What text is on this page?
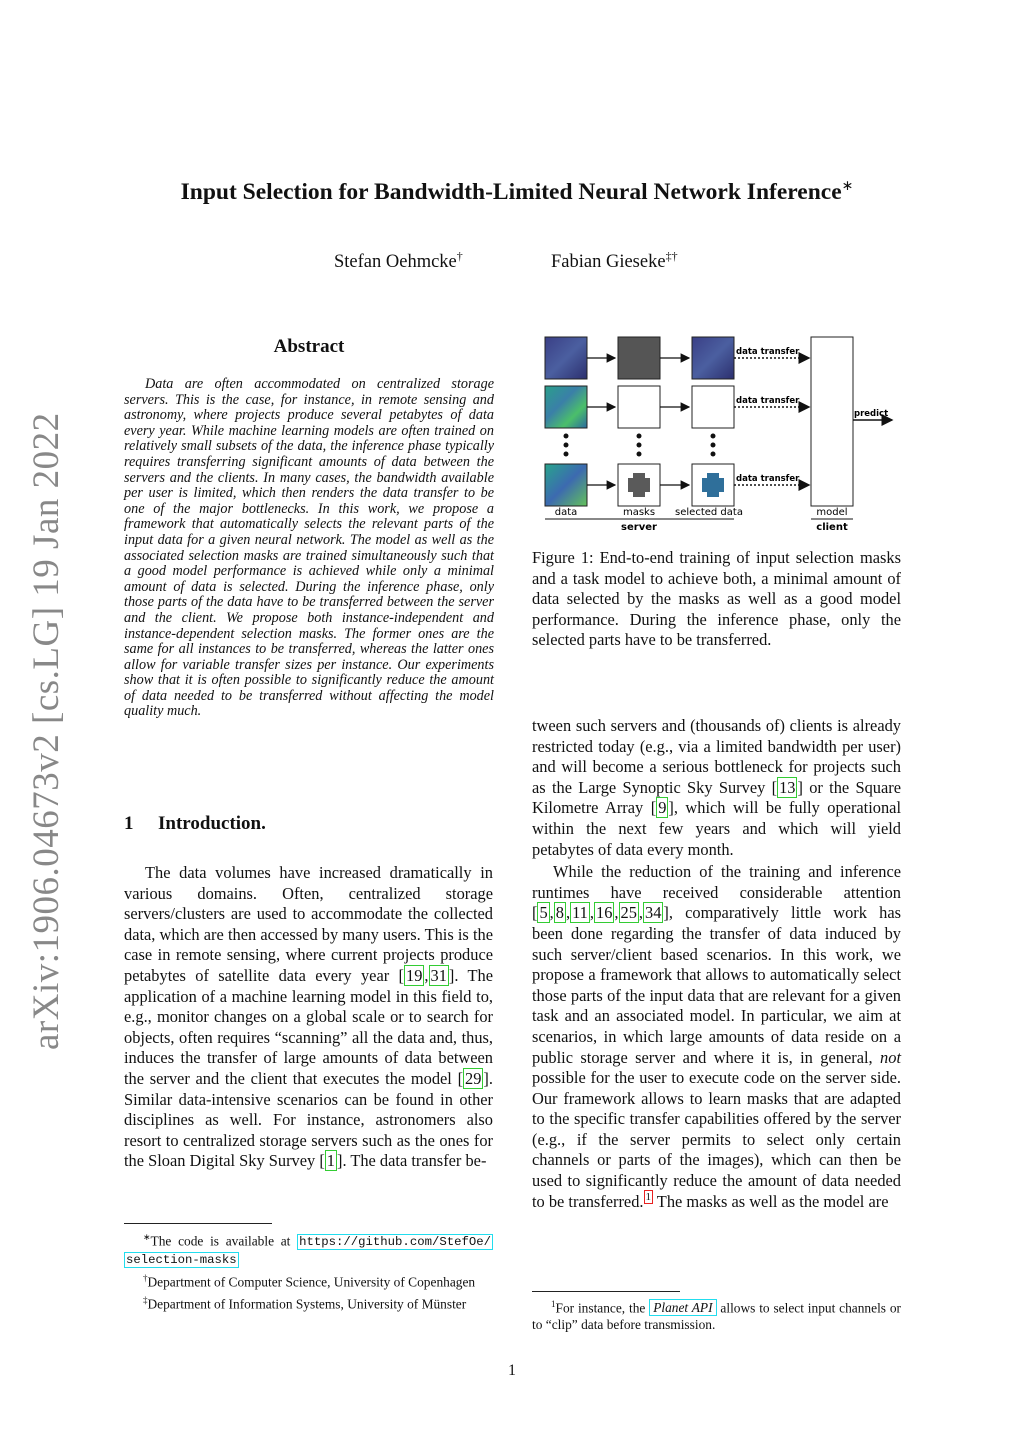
arXiv:1906.04673v2 [cs.LG] 19 Jan 2022
Input Selection for Bandwidth-Limited Neural Network Inference∗
Stefan Oehmcke†	Fabian Gieseke‡†
Abstract
Data are often accommodated on centralized storage servers. This is the case, for instance, in remote sensing and astronomy, where projects produce several petabytes of data every year. While machine learning models are often trained on relatively small subsets of the data, the inference phase typically requires transferring significant amounts of data between the servers and the clients. In many cases, the bandwidth available per user is limited, which then renders the data transfer to be one of the major bottlenecks. In this work, we propose a framework that automatically selects the relevant parts of the input data for a given neural network. The model as well as the associated selection masks are trained simultaneously such that a good model performance is achieved while only a minimal amount of data is selected. During the inference phase, only those parts of the data have to be transferred between the server and the client. We propose both instance-independent and instance-dependent selection masks. The former ones are the same for all instances to be transferred, whereas the latter ones allow for variable transfer sizes per instance. Our experiments show that it is often possible to significantly reduce the amount of data needed to be transferred without affecting the model quality much.
1 Introduction.

The data volumes have increased dramatically in various domains. Often, centralized storage servers/clusters are used to accommodate the collected data, which are then accessed by many users. This is the case in remote sensing, where current projects produce petabytes of satellite data every year [ 19 , 31 ]. The application of a machine learning model in this field to, e.g., monitor changes on a global scale or to search for objects, often requires “scanning” all the data and, thus, induces the transfer of large amounts of data between the server and the client that executes the model [ 29 ]. Similar data-intensive scenarios can be found in other disciplines as well. For instance, astronomers also resort to centralized storage servers such as the ones for the Sloan Digital Sky Survey [ 1 ]. The data transfer be-

∗The code is available at https://github.com/StefOe/ selection-masks

†Department of Computer Science, University of Copenhagen

‡Department of Information Systems, University of Münster

data transfer
data transfer
data transfer
predict
data	masks selected data
server
model
client
Figure 1: End-to-end training of input selection masks and a task model to achieve both, a minimal amount of data selected by the masks as well as a good model performance. During the inference phase, only the selected parts have to be transferred.

tween such servers and (thousands of) clients is already restricted today (e.g., via a limited bandwidth per user) and will become a serious bottleneck for projects such as the Large Synoptic Sky Survey [ 13 ] or the Square Kilometre Array [ 9 ], which will be fully operational within the next few years and which will yield petabytes of data every month.

While the reduction of the training and inference runtimes have received considerable attention [ 5 , 8 , 11 , 16 , 25 , 34 ], comparatively little work has been done regarding the transfer of data induced by such server/client based scenarios. In this work, we propose a framework that allows to automatically select those parts of the input data that are relevant for a given task and an associated model. In particular, we aim at scenarios, in which large amounts of data reside on a public storage server and where it is, in general, not possible for the user to execute code on the server side. Our framework allows to learn masks that are adapted to the specific transfer capabilities offered by the server (e.g., if the server permits to select only certain channels or parts of the images), which can then be used to significantly reduce the amount of data needed to be transferred. $^1$ The masks as well as the model are

$^1$For instance, the Planet API allows to select input channels or to “clip” data before transmission.

1
